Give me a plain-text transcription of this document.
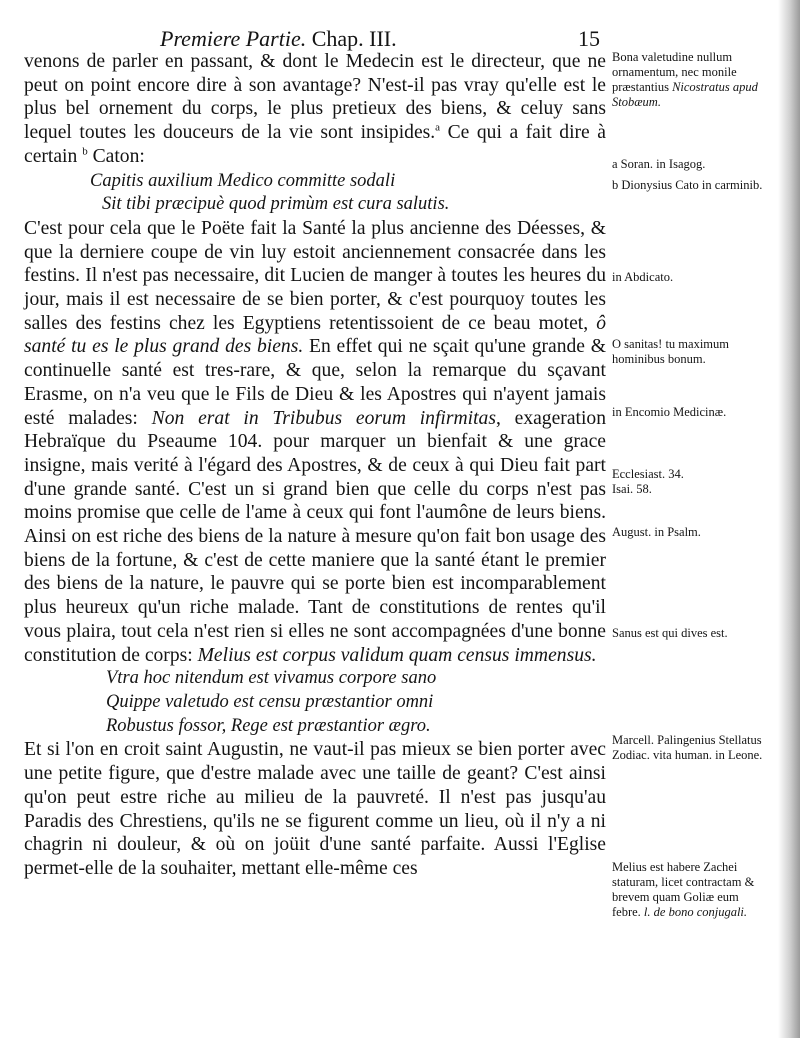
Premiere Partie. Chap. III.	15

venons de parler en passant, & dont le Medecin est le directeur, que ne peut on point encore dire à son avantage? N'est-il pas vray qu'elle est le plus bel ornement du corps, le plus pretieux des biens, & celuy sans lequel toutes les douceurs de la vie sont insipides.$^a$ Ce qui a fait dire à certain $^b$ Caton:

Capitis auxilium Medico committe sodali

Sit tibi præcipuè quod primùm est cura salutis.

C'est pour cela que le Poëte fait la Santé la plus ancienne des Déesses, & que la derniere coupe de vin luy estoit anciennement consacrée dans les festins. Il n'est pas necessaire, dit Lucien de manger à toutes les heures du jour, mais il est necessaire de se bien porter, & c'est pourquoy toutes les salles des festins chez les Egyptiens retentissoient de ce beau motet, ô santé tu es le plus grand des biens. En effet qui ne sçait qu'une grande & continuelle santé est tres-rare, & que, selon la remarque du sçavant Erasme, on n'a veu que le Fils de Dieu & les Apostres qui n'ayent jamais esté malades: Non erat in Tribubus eorum infirmitas, exageration Hebraïque du Pseaume 104. pour marquer un bienfait & une grace insigne, mais verité à l'égard des Apostres, & de ceux à qui Dieu fait part d'une grande santé. C'est un si grand bien que celle du corps n'est pas moins promise que celle de l'ame à ceux qui font l'aumône de leurs biens. Ainsi on est riche des biens de la nature à mesure qu'on fait bon usage des biens de la fortune, & c'est de cette maniere que la santé étant le premier des biens de la nature, le pauvre qui se porte bien est incomparablement plus heureux qu'un riche malade. Tant de constitutions de rentes qu'il vous plaira, tout cela n'est rien si elles ne sont accompagnées d'une bonne constitution de corps: Melius est corpus validum quam census immensus.

Vtra hoc nitendum est vivamus corpore sano

Quippe valetudo est censu præstantior omni

Robustus fossor, Rege est præstantior ægro.

Et si l'on en croit saint Augustin, ne vaut-il pas mieux se bien porter avec une petite figure, que d'estre malade avec une taille de geant? C'est ainsi qu'on peut estre riche au milieu de la pauvreté. Il n'est pas jusqu'au Paradis des Chrestiens, qu'ils ne se figurent comme un lieu, où il n'y a ni chagrin ni douleur, & où on joüit d'une santé parfaite. Aussi l'Eglise permet-elle de la souhaiter, mettant elle-même ces

Bona valetudine nullum ornamentum, nec monile præstantius Nicostratus apud Stobæum.
a Soran. in Isagog.
b Dionysius Cato in carminib.
in Abdicato.
O sanitas! tu maximum hominibus bonum.
in Encomio Medicinæ.
Ecclesiast. 34.
Isai. 58.
August. in Psalm.
Sanus est qui dives est.
Marcell. Palingenius Stellatus Zodiac. vita human. in Leone.
Melius est habere Zachei staturam, licet contractam & brevem quam Goliæ eum febre. l. de bono conjugali.
